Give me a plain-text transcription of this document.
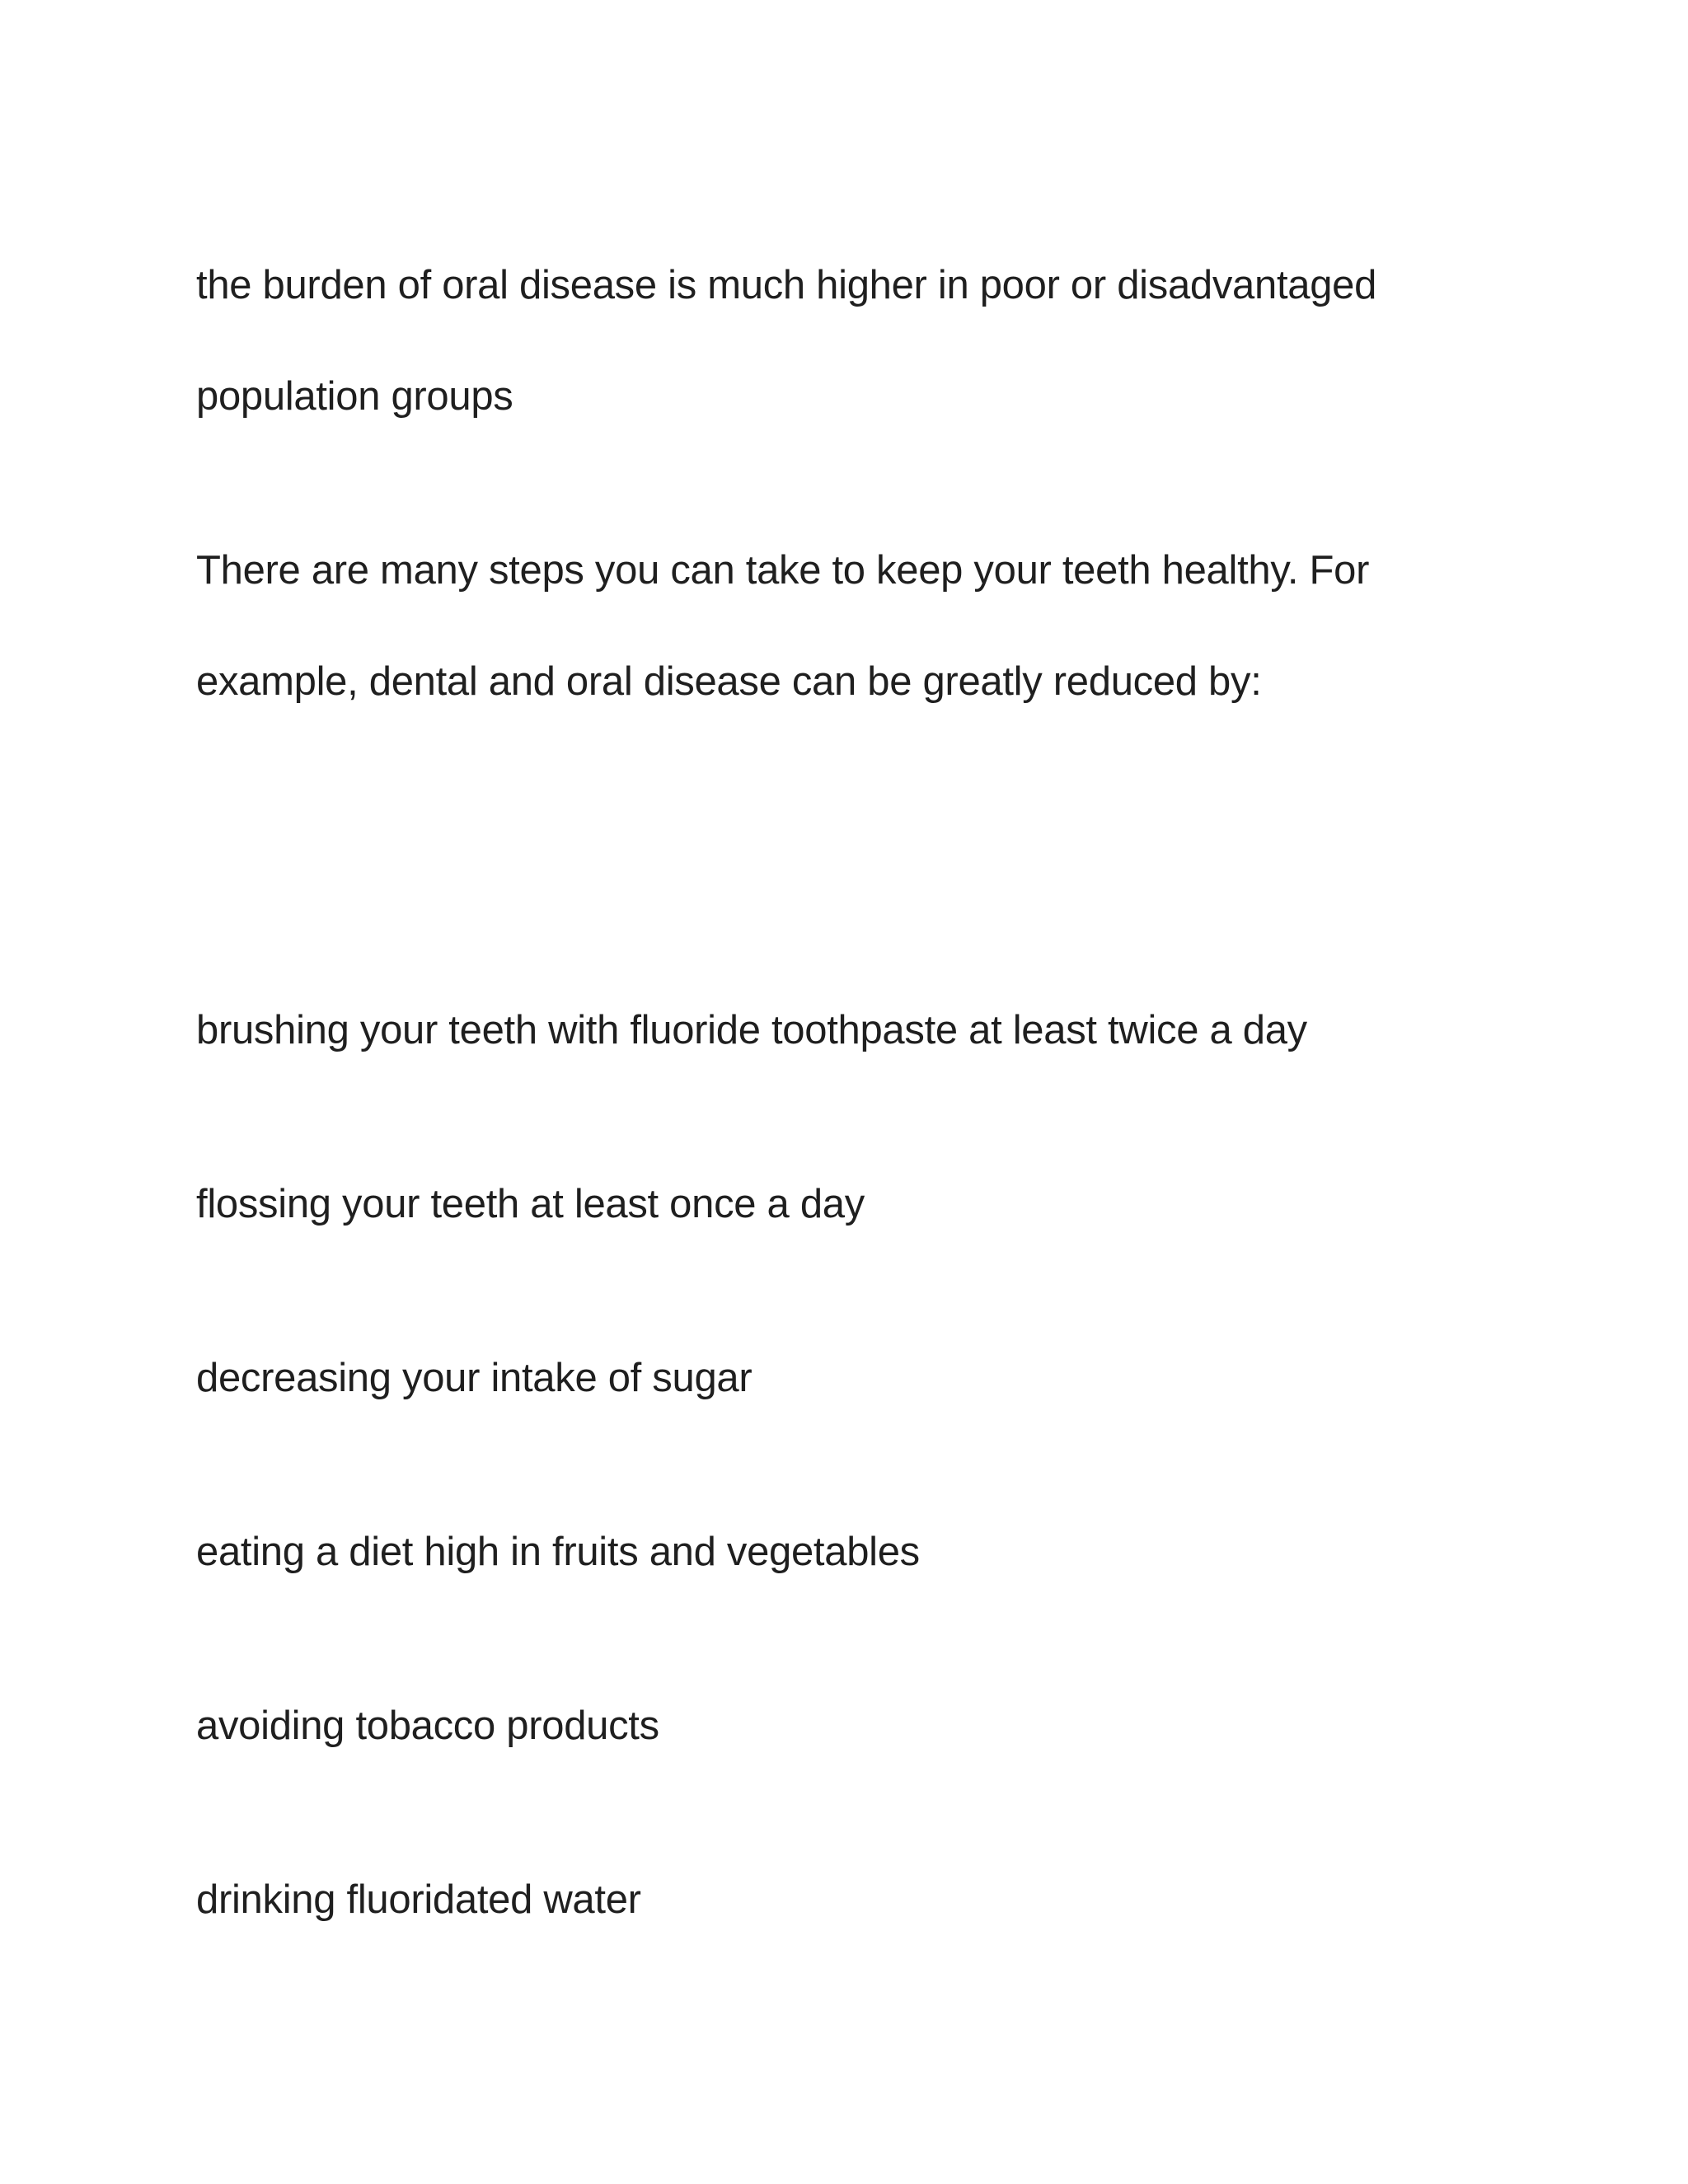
the burden of oral disease is much higher in poor or disadvantaged

population groups

There are many steps you can take to keep your teeth healthy. For

example, dental and oral disease can be greatly reduced by:

brushing your teeth with fluoride toothpaste at least twice a day

flossing your teeth at least once a day

decreasing your intake of sugar

eating a diet high in fruits and vegetables

avoiding tobacco products

drinking fluoridated water
